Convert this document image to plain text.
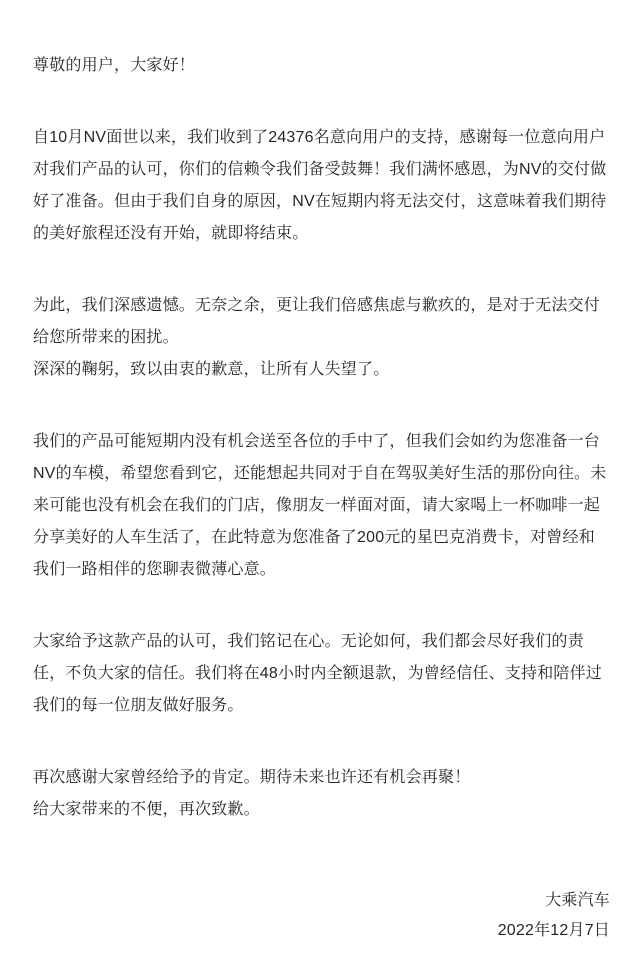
尊敬的用户，大家好！

自10月NV面世以来，我们收到了24376名意向用户的支持，感谢每一位意向用户对我们产品的认可，你们的信赖令我们备受鼓舞！我们满怀感恩，为NV的交付做好了准备。但由于我们自身的原因，NV在短期内将无法交付，这意味着我们期待的美好旅程还没有开始，就即将结束。

为此，我们深感遗憾。无奈之余，更让我们倍感焦虑与歉疚的，是对于无法交付给您所带来的困扰。

深深的鞠躬，致以由衷的歉意，让所有人失望了。

我们的产品可能短期内没有机会送至各位的手中了，但我们会如约为您准备一台NV的车模，希望您看到它，还能想起共同对于自在驾驭美好生活的那份向往。未来可能也没有机会在我们的门店，像朋友一样面对面，请大家喝上一杯咖啡一起分享美好的人车生活了，在此特意为您准备了200元的星巴克消费卡，对曾经和我们一路相伴的您聊表微薄心意。

大家给予这款产品的认可，我们铭记在心。无论如何，我们都会尽好我们的责任，不负大家的信任。我们将在48小时内全额退款，为曾经信任、支持和陪伴过我们的每一位朋友做好服务。

再次感谢大家曾经给予的肯定。期待未来也许还有机会再聚！

给大家带来的不便，再次致歉。

大乘汽车

2022年12月7日
